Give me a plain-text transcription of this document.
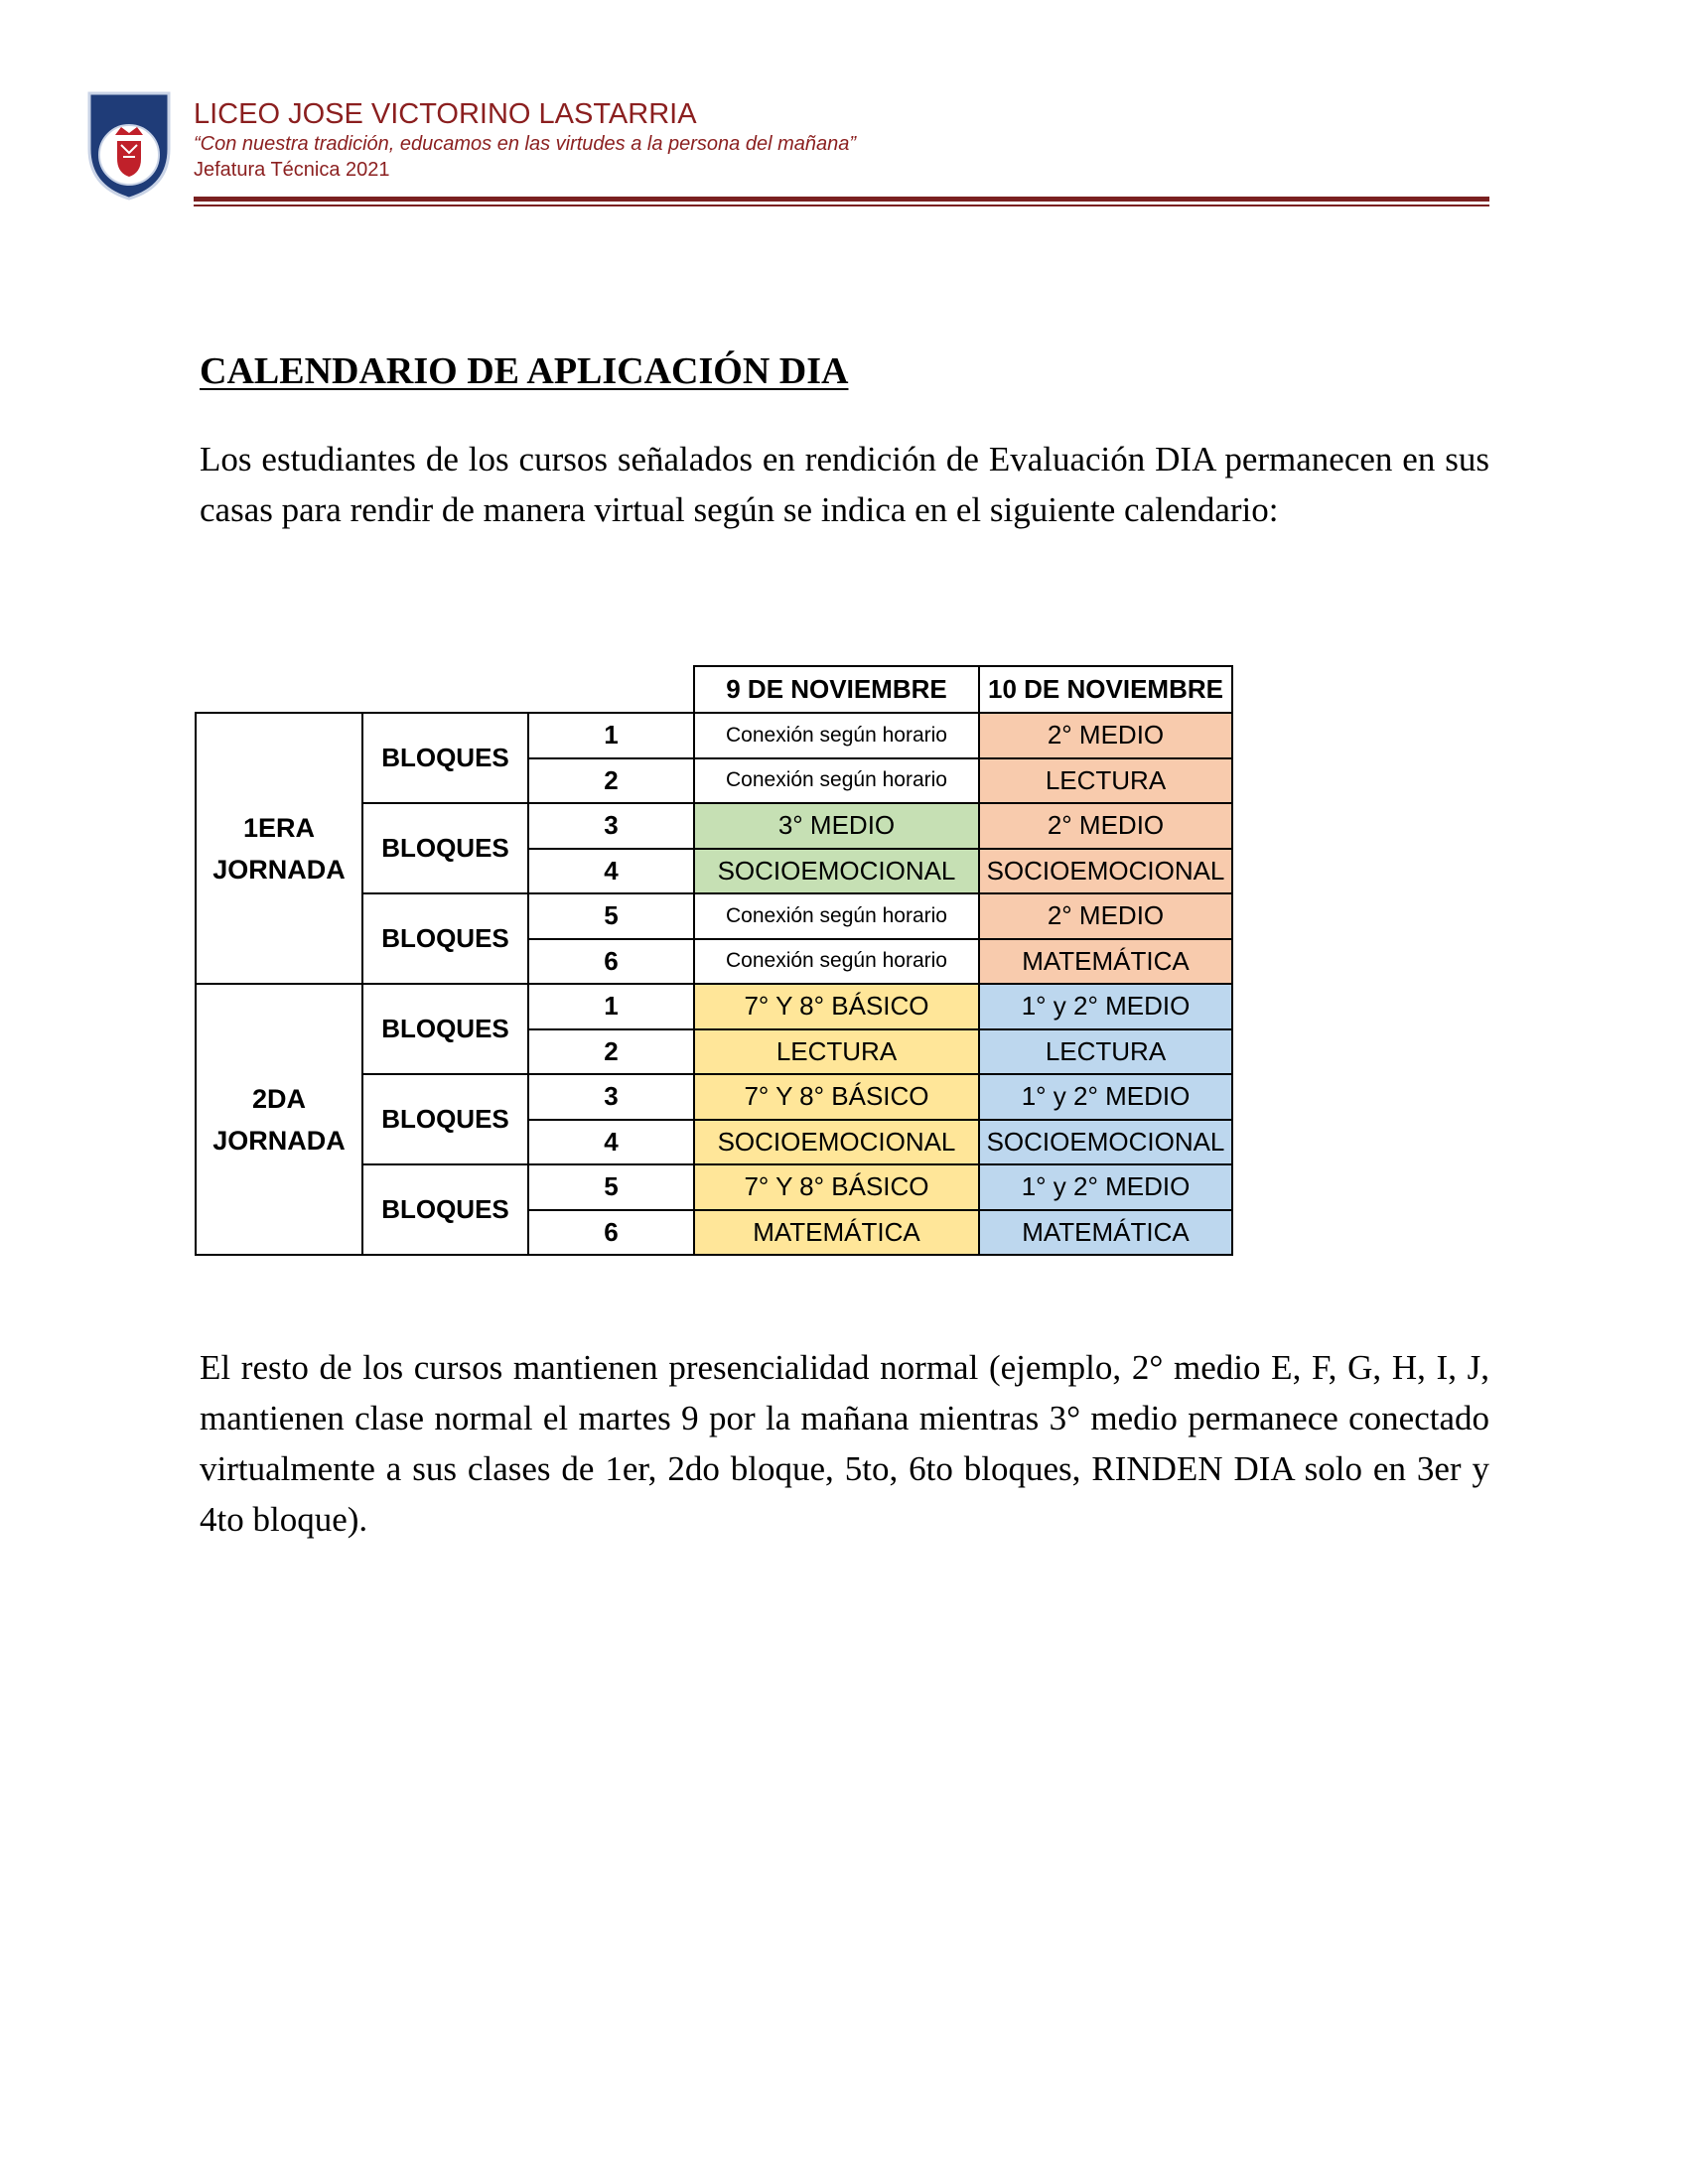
LICEO JOSE VICTORINO LASTARRIA
“Con nuestra tradición, educamos en las virtudes a la persona del mañana”
Jefatura Técnica 2021
CALENDARIO DE APLICACIÓN DIA
Los estudiantes de los cursos señalados en rendición de Evaluación DIA permanecen en sus casas para rendir de manera virtual según se indica en el siguiente calendario:
			9 DE NOVIEMBRE	10 DE NOVIEMBRE
1ERA JORNADA	BLOQUES	1	Conexión según horario	2° MEDIO
		2	Conexión según horario	LECTURA
	BLOQUES	3	3° MEDIO	2° MEDIO
		4	SOCIOEMOCIONAL	SOCIOEMOCIONAL
	BLOQUES	5	Conexión según horario	2° MEDIO
		6	Conexión según horario	MATEMÁTICA
2DA JORNADA	BLOQUES	1	7° Y 8° BÁSICO	1° y 2° MEDIO
		2	LECTURA	LECTURA
	BLOQUES	3	7° Y 8° BÁSICO	1° y 2° MEDIO
		4	SOCIOEMOCIONAL	SOCIOEMOCIONAL
	BLOQUES	5	7° Y 8° BÁSICO	1° y 2° MEDIO
		6	MATEMÁTICA	MATEMÁTICA
El resto de los cursos mantienen presencialidad normal (ejemplo, 2° medio E, F, G, H, I, J, mantienen clase normal el martes 9 por la mañana mientras 3° medio permanece conectado virtualmente a sus clases de 1er, 2do bloque, 5to, 6to bloques, RINDEN DIA solo en 3er y 4to bloque).
